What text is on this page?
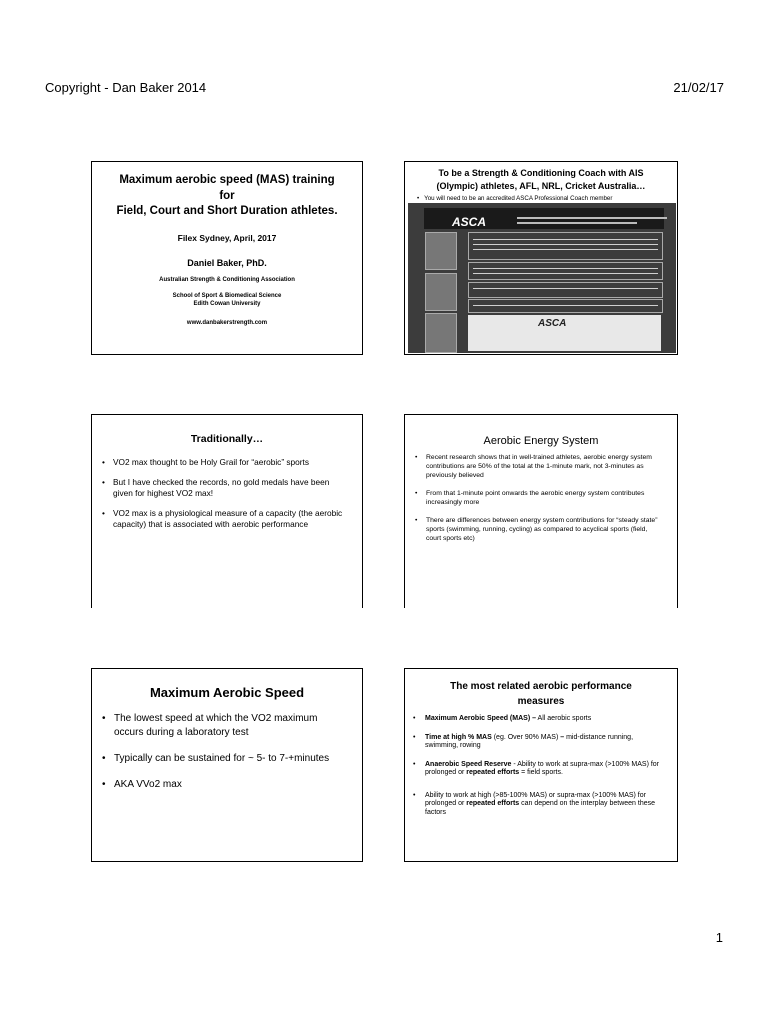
Copyright - Dan Baker 2014	21/02/17
Maximum aerobic speed (MAS) training
for
Field, Court and Short Duration athletes.
Filex Sydney, April, 2017
Daniel Baker, PhD.
Australian Strength & Conditioning Association
School of Sport & Biomedical Science
Edith Cowan University
www.danbakerstrength.com
To be a Strength & Conditioning Coach with AIS
(Olympic) athletes, AFL, NRL, Cricket Australia…
• You will need to be an accredited ASCA Professional Coach member
ASCA
ASCA
Traditionally…
• VO2 max thought to be Holy Grail for “aerobic” sports
• But I have checked the records, no gold medals have been given for highest VO2 max!
• VO2 max is a physiological measure of a capacity (the aerobic capacity) that is associated with aerobic performance
Aerobic Energy System
• Recent research shows that in well-trained athletes, aerobic energy system contributions are 50% of the total at the 1-minute mark, not 3-minutes as previously believed
• From that 1-minute point onwards the aerobic energy system contributes increasingly more
• There are differences between energy system contributions for “steady state” sports (swimming, running, cycling) as compared to acyclical sports (field, court sports etc)
Maximum Aerobic Speed
• The lowest speed at which the VO2 maximum occurs during a laboratory test
• Typically can be sustained for ~ 5- to 7-+minutes
• AKA VVo2 max
The most related aerobic performance
measures
• Maximum Aerobic Speed (MAS) – All aerobic sports
• Time at high % MAS (eg. Over 90% MAS) – mid-distance running, swimming, rowing
• Anaerobic Speed Reserve - Ability to work at supra-max (>100% MAS) for prolonged or repeated efforts = field sports.
• Ability to work at high (>85-100% MAS) or supra-max (>100% MAS) for prolonged or repeated efforts can depend on the interplay between these factors
1
